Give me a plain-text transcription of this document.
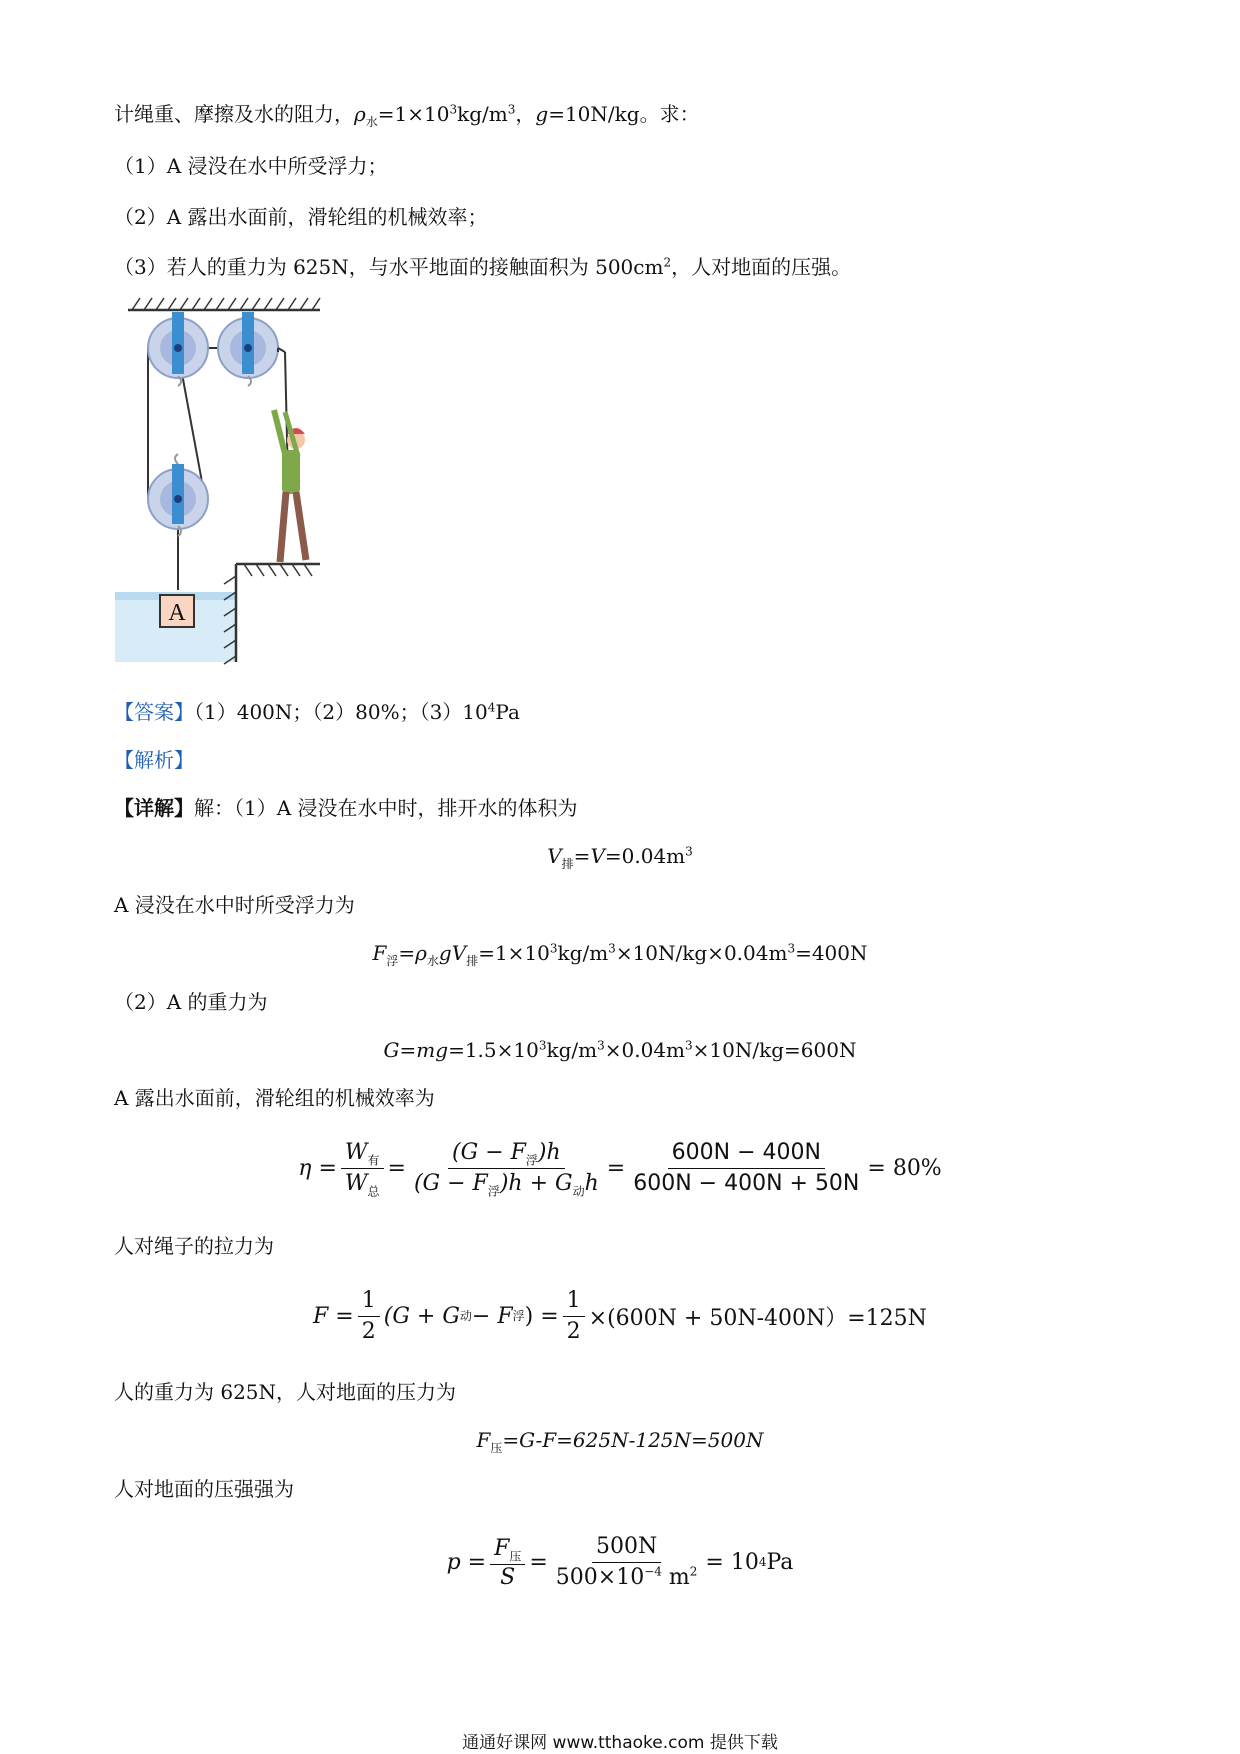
计绳重、摩擦及水的阻力，$\rho_水=1\times 10^3kg/m^3$，g=10N/kg。求：
（1）A 浸没在水中所受浮力；
（2）A 露出水面前，滑轮组的机械效率；
（3）若人的重力为 625N，与水平地面的接触面积为 $500cm^2$，人对地面的压强。
A
【答案】（1）400N；（2）80%；$(3)10^4Pa$
【解析】
【详解】解：（1）A 浸没在水中时，排开水的体积为
$V_排=V=0.04m^3$
A 浸没在水中时所受浮力为
$F_浮=\rho_水gV_排=1\times 10^3kg/m^3\times 10N/kg\times 0.04m^3=400N$
（2）A 的重力为
$G=mg=1.5\times 10^3kg/m^3\times 0.04m^3\times 10N/kg=600N$
A 露出水面前，滑轮组的机械效率为
$\eta = \frac{W_有}{W_总} = \frac{(G - F_浮)h}{(G - F_浮)h + G_动h} = \frac{600N - 400N}{600N - 400N + 50N} = 80\%$
人对绳子的拉力为
$F = \frac{1}{2} (G + G$ 动 − F 浮 ) = $\frac{1}{2} \times(600N + 50N-400N)=125N$
人的重力为 625N，人对地面的压力为
$F_压=G-F=625N-125N=500N$
人对地面的压强强为
$p = \frac{F_压}{S} = \frac{500N}{500\times 10^{-4} m^2} = 10$ 4 Pa
通通好课网 www.tthaoke.com 提供下载
